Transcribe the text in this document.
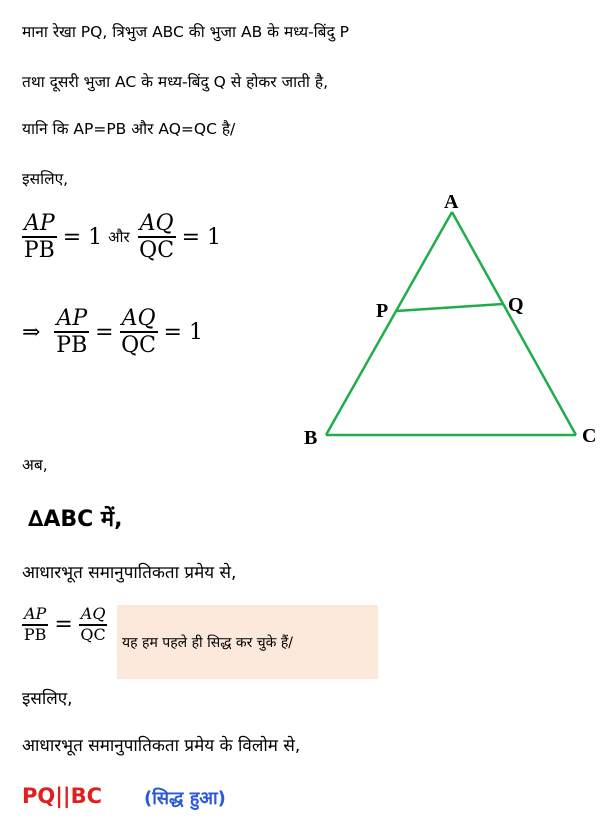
माना रेखा PQ, त्रिभुज ABC की भुजा AB के मध्य-बिंदु P
तथा दूसरी भुजा AC के मध्य-बिंदु Q से होकर जाती है,
यानि कि AP=PB और AQ=QC है/
इसलिए,
$\frac{AP}{PB} = 1$ और $\frac{AQ}{QC} = 1$
⇒ $\frac{AP}{PB} = \frac{AQ}{QC} = 1$
A
B	C
P	Q
अब,
∆ABC में,
आधारभूत समानुपातिकता प्रमेय से,
$\frac{AP}{PB} = \frac{AQ}{QC}$ यह हम पहले ही सिद्ध कर चुके हैं/
इसलिए,
आधारभूत समानुपातिकता प्रमेय के विलोम से,
PQ||BC (सिद्ध हुआ)
